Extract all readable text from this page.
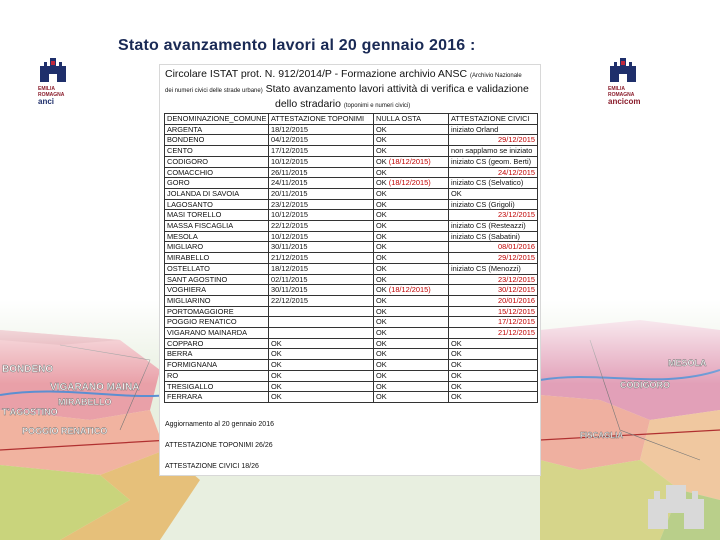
Stato avanzamento lavori al 20 gennaio 2016 :
BONDENO
VIGARANO MAINA
MIRABELLO
T'AGOSTINO
POGGIO RENATICO
MESOLA
CODIGORO
FISCAGLIA
EMILIA
ROMAGNA
anci
EMILIA
ROMAGNA
ancicom
Circolare ISTAT prot. N. 912/2014/P - Formazione archivio ANSC (Archivio Nazionale
dei numeri civici delle strade urbane) Stato avanzamento lavori attività di verifica e validazione
dello stradario (toponimi e numeri civici)
DENOMINAZIONE_COMUNE	ATTESTAZIONE TOPONIMI	NULLA OSTA	ATTESTAZIONE CIVICI
ARGENTA	18/12/2015	OK	iniziato Orland
BONDENO	04/12/2015	OK	29/12/2015

CENTO	17/12/2015	OK	non sapplamo se iniziato
CODIGORO	10/12/2015	OK (18/12/2015)	iniziato CS (geom. Berti)
COMACCHIO	26/11/2015	OK	24/12/2015

GORO	24/11/2015	OK (18/12/2015)	iniziato CS (Selvatico)
JOLANDA DI SAVOIA	20/11/2015	OK	OK
LAGOSANTO	23/12/2015	OK	iniziato CS (Grigoli)
MASI TORELLO	10/12/2015	OK	23/12/2015

MASSA FISCAGLIA	22/12/2015	OK	iniziato CS (Resteazzi)
MESOLA	10/12/2015	OK	iniziato CS (Sabatini)
MIGLIARO	30/11/2015	OK	08/01/2016

MIRABELLO	21/12/2015	OK	29/12/2015

OSTELLATO	18/12/2015	OK	iniziato CS (Menozzi)
SANT AGOSTINO	02/11/2015	OK	23/12/2015

VOGHIERA	30/11/2015	OK (18/12/2015)	30/12/2015

MIGLIARINO	22/12/2015	OK	20/01/2016

PORTOMAGGIORE		OK	15/12/2015

POGGIO RENATICO		OK	17/12/2015

VIGARANO MAINARDA		OK	21/12/2015

COPPARO	OK	OK	OK
BERRA	OK	OK	OK
FORMIGNANA	OK	OK	OK
RO	OK	OK	OK
TRESIGALLO	OK	OK	OK
FERRARA	OK	OK	OK
Aggiornamento al 20 gennaio 2016
ATTESTAZIONE TOPONIMI 26/26
ATTESTAZIONE CIVICI 18/26
